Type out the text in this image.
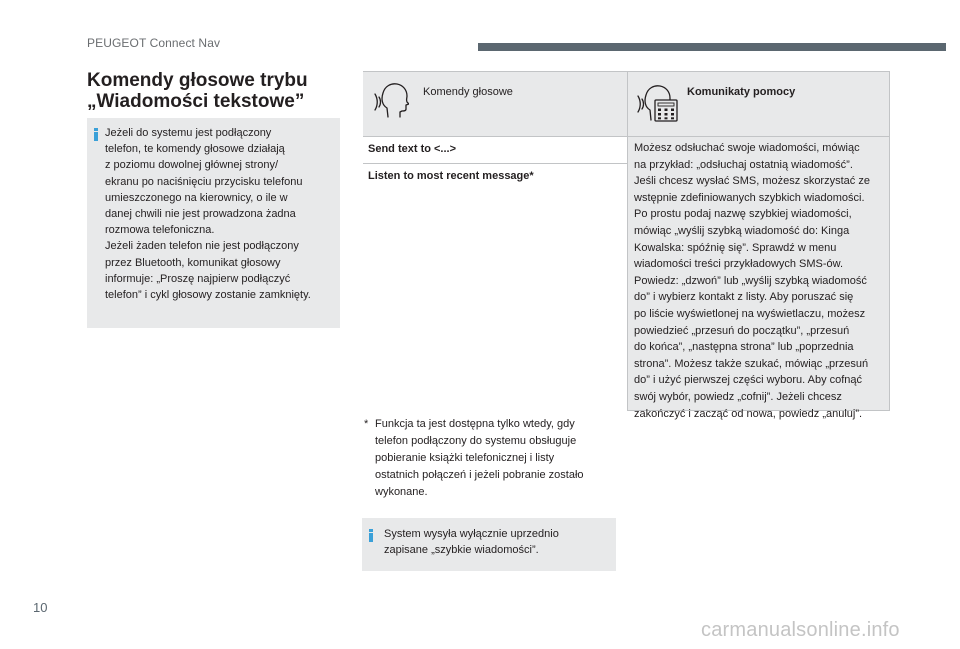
PEUGEOT Connect Nav
Komendy głosowe trybu
„Wiadomości tekstowe”
Jeżeli do systemu jest podłączony
telefon, te komendy głosowe działają
z poziomu dowolnej głównej strony/
ekranu po naciśnięciu przycisku telefonu
umieszczonego na kierownicy, o ile w
danej chwili nie jest prowadzona żadna
rozmowa telefoniczna.
Jeżeli żaden telefon nie jest podłączony
przez Bluetooth, komunikat głosowy
informuje: „Proszę najpierw podłączyć
telefon” i cykl głosowy zostanie zamknięty.
Komendy głosowe	Komunikaty pomocy
Send text to <...>
Listen to most recent message*
Możesz odsłuchać swoje wiadomości, mówiąc
na przykład: „odsłuchaj ostatnią wiadomość”.
Jeśli chcesz wysłać SMS, możesz skorzystać ze
wstępnie zdefiniowanych szybkich wiadomości.
Po prostu podaj nazwę szybkiej wiadomości,
mówiąc „wyślij szybką wiadomość do: Kinga
Kowalska: spóźnię się”. Sprawdź w menu
wiadomości treści przykładowych SMS-ów.
Powiedz: „dzwoń” lub „wyślij szybką wiadomość
do” i wybierz kontakt z listy. Aby poruszać się
po liście wyświetlonej na wyświetlaczu, możesz
powiedzieć „przesuń do początku”, „przesuń
do końca”, „następna strona” lub „poprzednia
strona”. Możesz także szukać, mówiąc „przesuń
do” i użyć pierwszej części wyboru. Aby cofnąć
swój wybór, powiedz „cofnij”. Jeżeli chcesz
zakończyć i zacząć od nowa, powiedz „anuluj”.
* Funkcja ta jest dostępna tylko wtedy, gdy
telefon podłączony do systemu obsługuje
pobieranie książki telefonicznej i listy
ostatnich połączeń i jeżeli pobranie zostało
wykonane.
System wysyła wyłącznie uprzednio
zapisane „szybkie wiadomości”.
10
carmanualsonline.info
